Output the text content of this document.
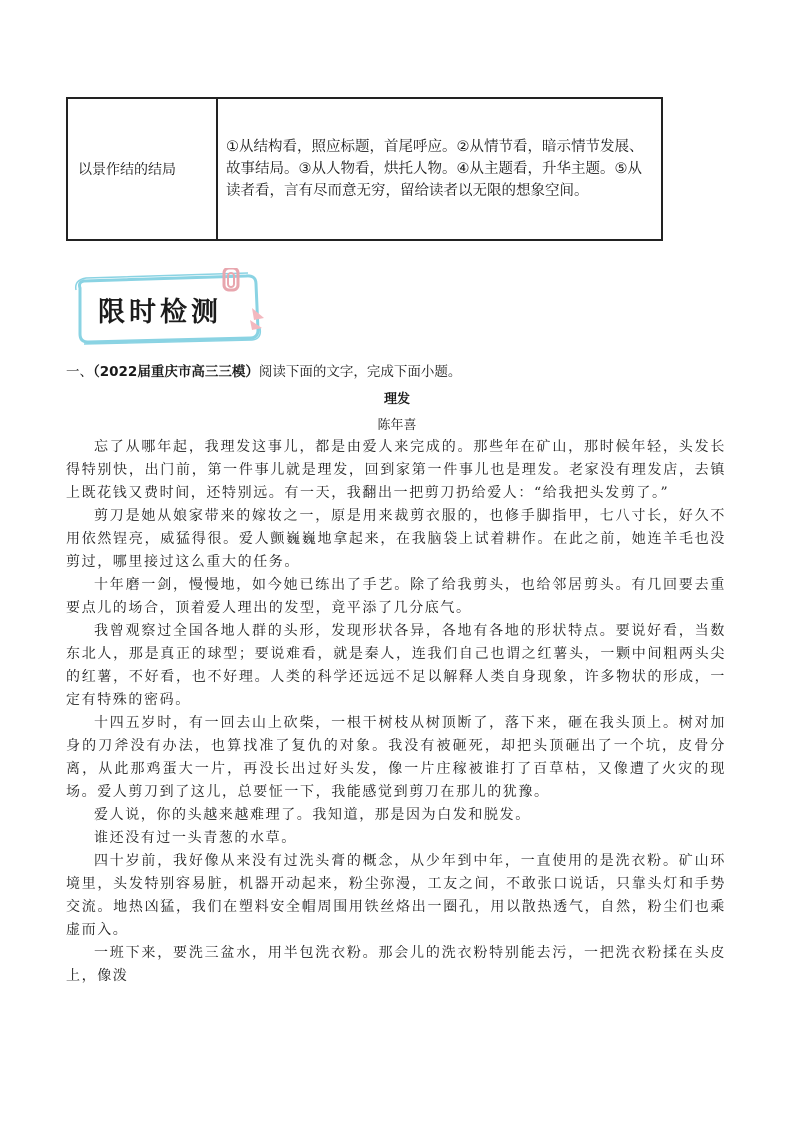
以景作结的结局
①从结构看，照应标题，首尾呼应。②从情节看，暗示情节发展、故事结局。③从人物看，烘托人物。④从主题看，升华主题。⑤从读者看，言有尽而意无穷，留给读者以无限的想象空间。
限时检测
一、（2022届重庆市高三三模）阅读下面的文字，完成下面小题。
理发
陈年喜

忘了从哪年起，我理发这事儿，都是由爱人来完成的。那些年在矿山，那时候年轻，头发长得特别快，出门前，第一件事儿就是理发，回到家第一件事儿也是理发。老家没有理发店，去镇上既花钱又费时间，还特别远。有一天，我翻出一把剪刀扔给爱人：“给我把头发剪了。”

剪刀是她从娘家带来的嫁妆之一，原是用来裁剪衣服的，也修手脚指甲，七八寸长，好久不用依然锃亮，威猛得很。爱人颤巍巍地拿起来，在我脑袋上试着耕作。在此之前，她连羊毛也没剪过，哪里接过这么重大的任务。

十年磨一剑，慢慢地，如今她已练出了手艺。除了给我剪头，也给邻居剪头。有几回要去重要点儿的场合，顶着爱人理出的发型，竟平添了几分底气。

我曾观察过全国各地人群的头形，发现形状各异，各地有各地的形状特点。要说好看，当数东北人，那是真正的球型；要说难看，就是秦人，连我们自己也谓之红薯头，一颗中间粗两头尖的红薯，不好看，也不好理。人类的科学还远远不足以解释人类自身现象，许多物状的形成，一定有特殊的密码。

十四五岁时，有一回去山上砍柴，一根干树枝从树顶断了，落下来，砸在我头顶上。树对加身的刀斧没有办法，也算找准了复仇的对象。我没有被砸死，却把头顶砸出了一个坑，皮骨分离，从此那鸡蛋大一片，再没长出过好头发，像一片庄稼被谁打了百草枯，又像遭了火灾的现场。爱人剪刀到了这儿，总要怔一下，我能感觉到剪刀在那儿的犹豫。

爱人说，你的头越来越难理了。我知道，那是因为白发和脱发。

谁还没有过一头青葱的水草。

四十岁前，我好像从来没有过洗头膏的概念，从少年到中年，一直使用的是洗衣粉。矿山环境里，头发特别容易脏，机器开动起来，粉尘弥漫，工友之间，不敢张口说话，只靠头灯和手势交流。地热凶猛，我们在塑料安全帽周围用铁丝烙出一圈孔，用以散热透气，自然，粉尘们也乘虚而入。

一班下来，要洗三盆水，用半包洗衣粉。那会儿的洗衣粉特别能去污，一把洗衣粉揉在头皮上，像泼
